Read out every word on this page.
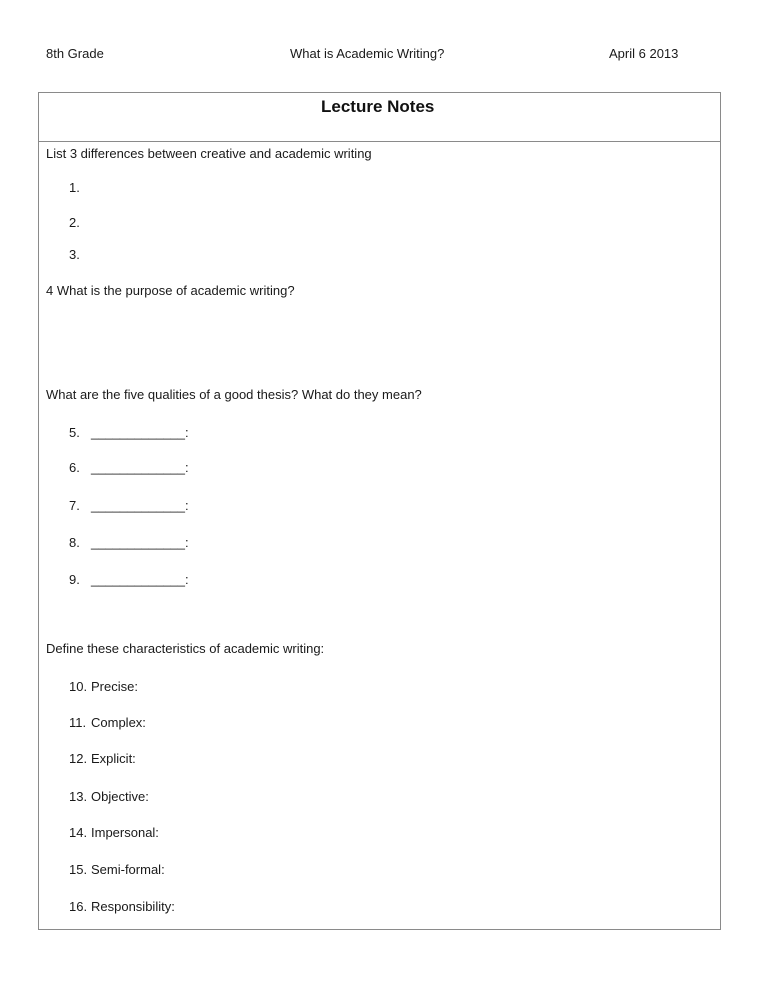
8th Grade	What is Academic Writing?	April 6 2013
Lecture Notes
List 3 differences between creative and academic writing
1.
2.
3.
4 What is the purpose of academic writing?
What are the five qualities of a good thesis? What do they mean?
5. _____________:
6. _____________:
7. _____________:
8. _____________:
9. _____________:
Define these characteristics of academic writing:
10. Precise:
11. Complex:
12. Explicit:
13. Objective:
14. Impersonal:
15. Semi-formal:
16. Responsibility:
